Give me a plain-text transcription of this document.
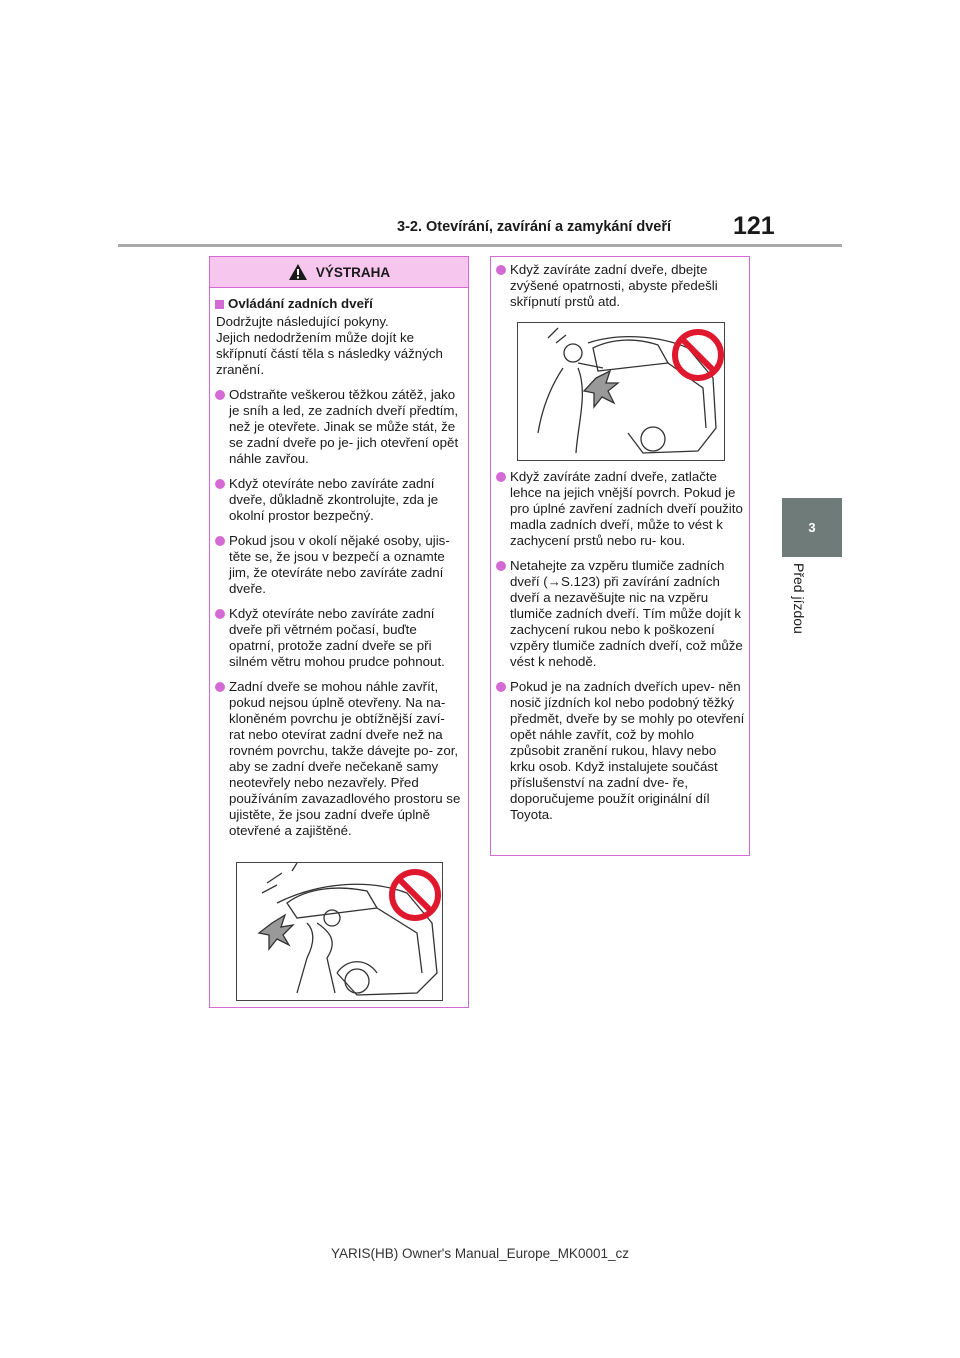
3-2. Otevírání, zavírání a zamykání dveří 121
3
Před jízdou
VÝSTRAHA
Ovládání zadních dveří
Dodržujte následující pokyny.
Jejich nedodržením může dojít ke skřípnutí částí těla s následky vážných zranění.
Odstraňte veškerou těžkou zátěž, jako je sníh a led, ze zadních dveří předtím, než je otevřete. Jinak se může stát, že se zadní dveře po je- jich otevření opět náhle zavřou.
Když otevíráte nebo zavíráte zadní dveře, důkladně zkontrolujte, zda je okolní prostor bezpečný.
Pokud jsou v okolí nějaké osoby, ujis- těte se, že jsou v bezpečí a oznamte jim, že otevíráte nebo zavíráte zadní dveře.
Když otevíráte nebo zavíráte zadní dveře při větrném počasí, buďte opatrní, protože zadní dveře se při silném větru mohou prudce pohnout.
Zadní dveře se mohou náhle zavřít, pokud nejsou úplně otevřeny. Na na- kloněném povrchu je obtížnější zaví- rat nebo otevírat zadní dveře než na rovném povrchu, takže dávejte po- zor, aby se zadní dveře nečekaně samy neotevřely nebo nezavřely. Před používáním zavazadlového prostoru se ujistěte, že jsou zadní dveře úplně otevřené a zajištěné.
Když zavíráte zadní dveře, dbejte zvýšené opatrnosti, abyste předešli skřípnutí prstů atd.
Když zavíráte zadní dveře, zatlačte lehce na jejich vnější povrch. Pokud je pro úplné zavření zadních dveří použito madla zadních dveří, může to vést k zachycení prstů nebo ru- kou.
Netahejte za vzpěru tlumiče zadních dveří (→S.123) při zavírání zadních dveří a nezavěšujte nic na vzpěru tlumiče zadních dveří. Tím může dojít k zachycení rukou nebo k poškození vzpěry tlumiče zadních dveří, což může vést k nehodě.
Pokud je na zadních dveřích upev- něn nosič jízdních kol nebo podobný těžký předmět, dveře by se mohly po otevření opět náhle zavřít, což by mohlo způsobit zranění rukou, hlavy nebo krku osob. Když instalujete součást příslušenství na zadní dve- ře, doporučujeme použít originální díl Toyota.
YARIS(HB) Owner's Manual_Europe_MK0001_cz
